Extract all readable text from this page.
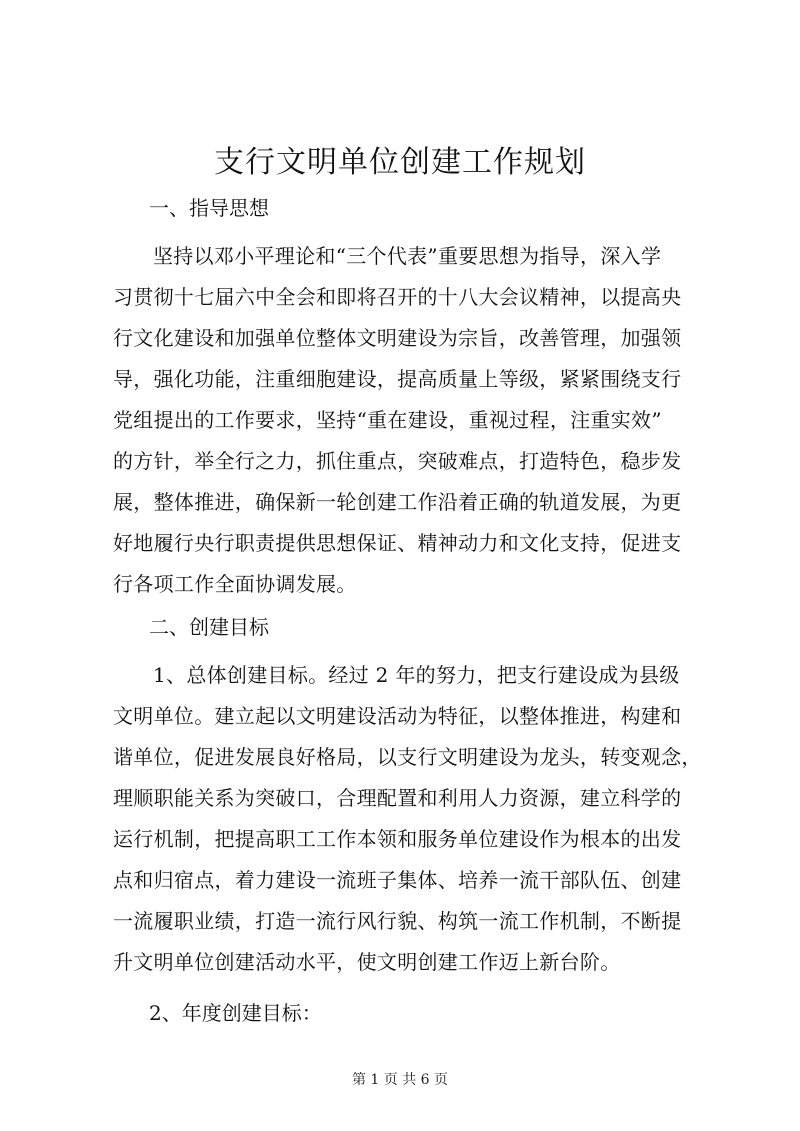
支行文明单位创建工作规划
一、指导思想

坚持以邓小平理论和“三个代表”重要思想为指导，深入学
习贯彻十七届六中全会和即将召开的十八大会议精神，以提高央
行文化建设和加强单位整体文明建设为宗旨，改善管理，加强领
导，强化功能，注重细胞建设，提高质量上等级，紧紧围绕支行
党组提出的工作要求，坚持“重在建设，重视过程，注重实效”
的方针，举全行之力，抓住重点，突破难点，打造特色，稳步发
展，整体推进，确保新一轮创建工作沿着正确的轨道发展，为更
好地履行央行职责提供思想保证、精神动力和文化支持，促进支
行各项工作全面协调发展。

二、创建目标

1、总体创建目标。经过 2 年的努力，把支行建设成为县级
文明单位。建立起以文明建设活动为特征，以整体推进，构建和
谐单位，促进发展良好格局，以支行文明建设为龙头，转变观念，
理顺职能关系为突破口，合理配置和利用人力资源，建立科学的
运行机制，把提高职工工作本领和服务单位建设作为根本的出发
点和归宿点，着力建设一流班子集体、培养一流干部队伍、创建
一流履职业绩，打造一流行风行貌、构筑一流工作机制，不断提
升文明单位创建活动水平，使文明创建工作迈上新台阶。

2、年度创建目标：
第 1 页 共 6 页
